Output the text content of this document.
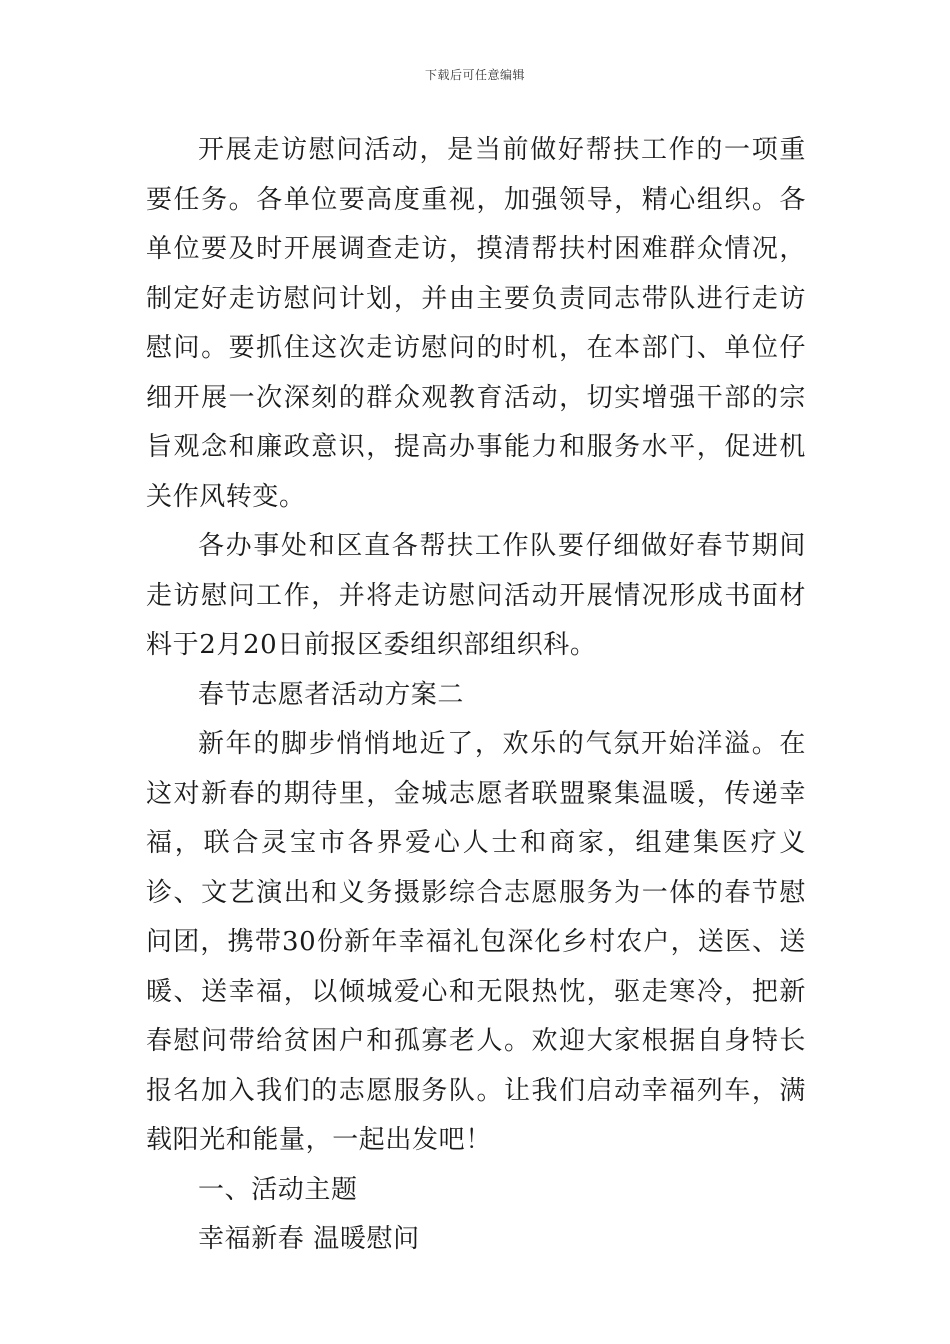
下载后可任意编辑

开展走访慰问活动，是当前做好帮扶工作的一项重要任务。各单位要高度重视，加强领导，精心组织。各单位要及时开展调查走访，摸清帮扶村困难群众情况，制定好走访慰问计划，并由主要负责同志带队进行走访慰问。要抓住这次走访慰问的时机，在本部门、单位仔细开展一次深刻的群众观教育活动，切实增强干部的宗旨观念和廉政意识，提高办事能力和服务水平，促进机关作风转变。

各办事处和区直各帮扶工作队要仔细做好春节期间走访慰问工作，并将走访慰问活动开展情况形成书面材料于2月20日前报区委组织部组织科。

春节志愿者活动方案二

新年的脚步悄悄地近了，欢乐的气氛开始洋溢。在这对新春的期待里，金城志愿者联盟聚集温暖，传递幸福，联合灵宝市各界爱心人士和商家，组建集医疗义诊、文艺演出和义务摄影综合志愿服务为一体的春节慰问团，携带30份新年幸福礼包深化乡村农户，送医、送暖、送幸福，以倾城爱心和无限热忱，驱走寒冷，把新春慰问带给贫困户和孤寡老人。欢迎大家根据自身特长报名加入我们的志愿服务队。让我们启动幸福列车，满载阳光和能量，一起出发吧！

一、活动主题

幸福新春 温暖慰问
